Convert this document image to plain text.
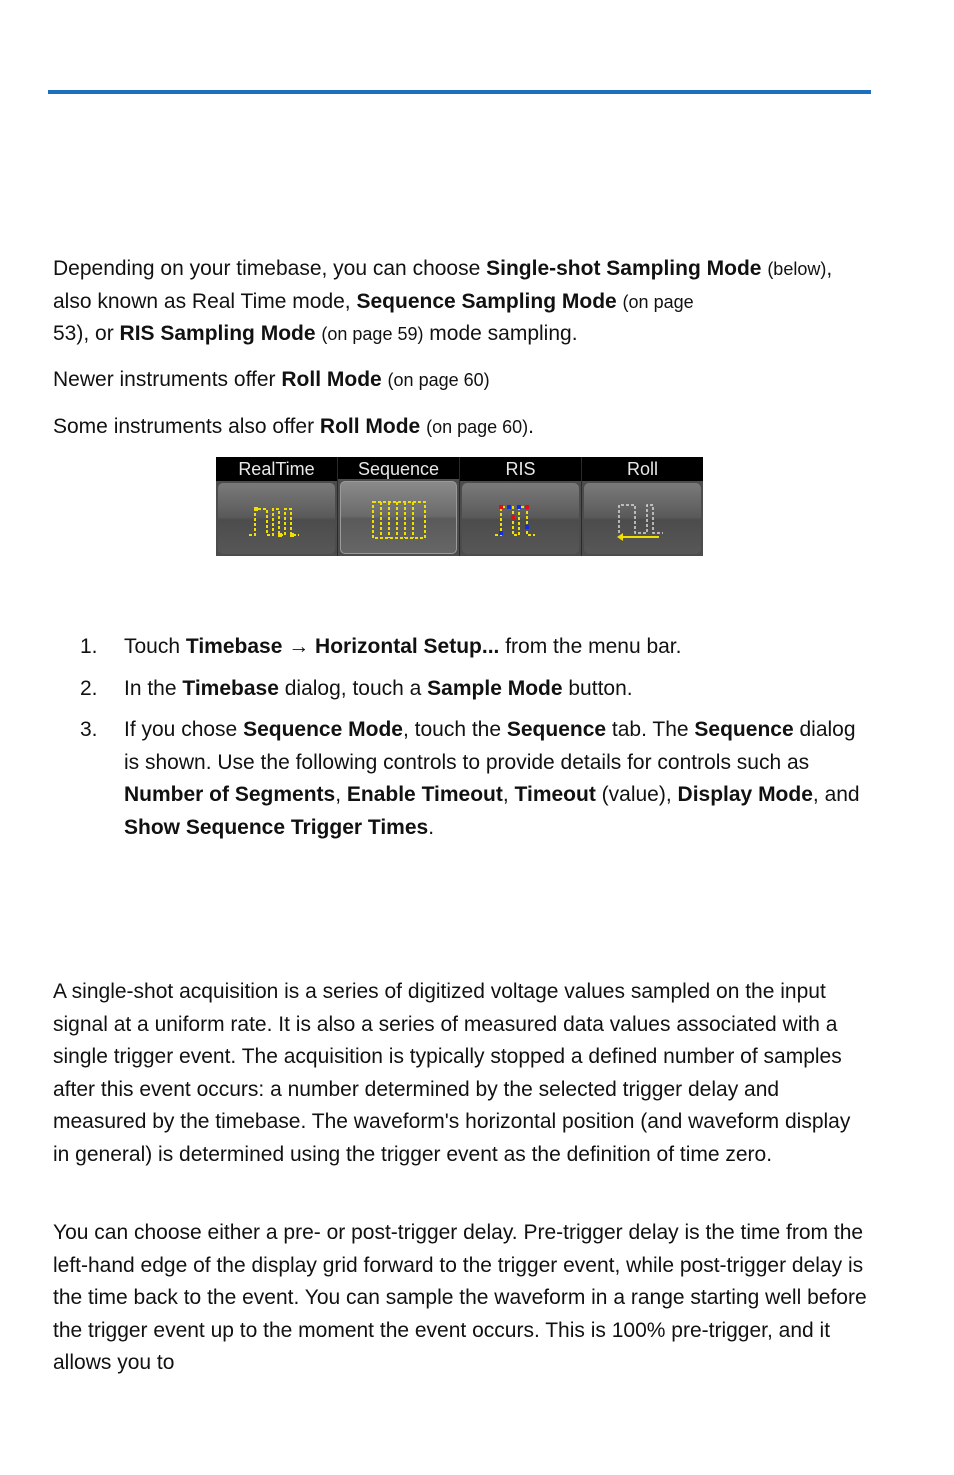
Depending on your timebase, you can choose Single-shot Sampling Mode (below), also known as Real Time mode, Sequence Sampling Mode (on page
53), or RIS Sampling Mode (on page 59) mode sampling.

Newer instruments offer Roll Mode (on page 60)

Some instruments also offer Roll Mode (on page 60).

RealTime	Sequence	RIS	Roll
1. Touch Timebase → Horizontal Setup... from the menu bar.
2. In the Timebase dialog, touch a Sample Mode button.
3. If you chose Sequence Mode, touch the Sequence tab. The Sequence dialog is shown. Use the following controls to provide details for controls such as Number of Segments, Enable Timeout, Timeout (value), Display Mode, and Show Sequence Trigger Times.

A single-shot acquisition is a series of digitized voltage values sampled on the input signal at a uniform rate. It is also a series of measured data values associated with a single trigger event. The acquisition is typically stopped a defined number of samples after this event occurs: a number determined by the selected trigger delay and measured by the timebase. The waveform's horizontal position (and waveform display in general) is determined using the trigger event as the definition of time zero.

You can choose either a pre- or post-trigger delay. Pre-trigger delay is the time from the left-hand edge of the display grid forward to the trigger event, while post-trigger delay is the time back to the event. You can sample the waveform in a range starting well before the trigger event up to the moment the event occurs. This is 100% pre-trigger, and it allows you to
